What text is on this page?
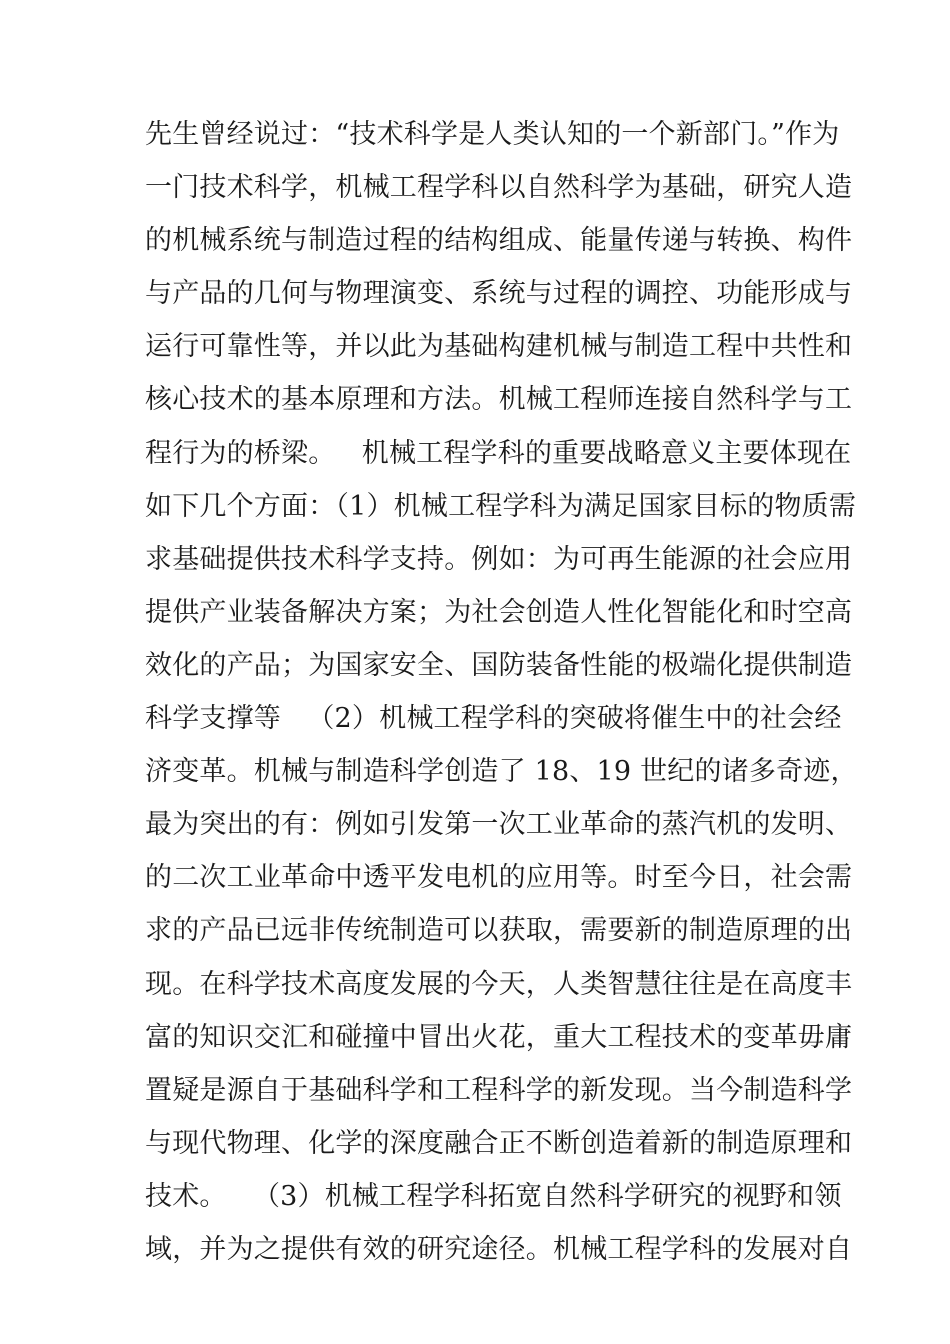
先生曾经说过：“技术科学是人类认知的一个新部门。”作为
一门技术科学，机械工程学科以自然科学为基础，研究人造
的机械系统与制造过程的结构组成、能量传递与转换、构件
与产品的几何与物理演变、系统与过程的调控、功能形成与
运行可靠性等，并以此为基础构建机械与制造工程中共性和
核心技术的基本原理和方法。机械工程师连接自然科学与工
程行为的桥梁。   机械工程学科的重要战略意义主要体现在
如下几个方面：（1）机械工程学科为满足国家目标的物质需
求基础提供技术科学支持。例如：为可再生能源的社会应用
提供产业装备解决方案；为社会创造人性化智能化和时空高
效化的产品；为国家安全、国防装备性能的极端化提供制造
科学支撑等   （2）机械工程学科的突破将催生中的社会经
济变革。机械与制造科学创造了 18、19 世纪的诸多奇迹，
最为突出的有：例如引发第一次工业革命的蒸汽机的发明、
的二次工业革命中透平发电机的应用等。时至今日，社会需
求的产品已远非传统制造可以获取，需要新的制造原理的出
现。在科学技术高度发展的今天，人类智慧往往是在高度丰
富的知识交汇和碰撞中冒出火花，重大工程技术的变革毋庸
置疑是源自于基础科学和工程科学的新发现。当今制造科学
与现代物理、化学的深度融合正不断创造着新的制造原理和
技术。   （3）机械工程学科拓宽自然科学研究的视野和领
域，并为之提供有效的研究途径。机械工程学科的发展对自
